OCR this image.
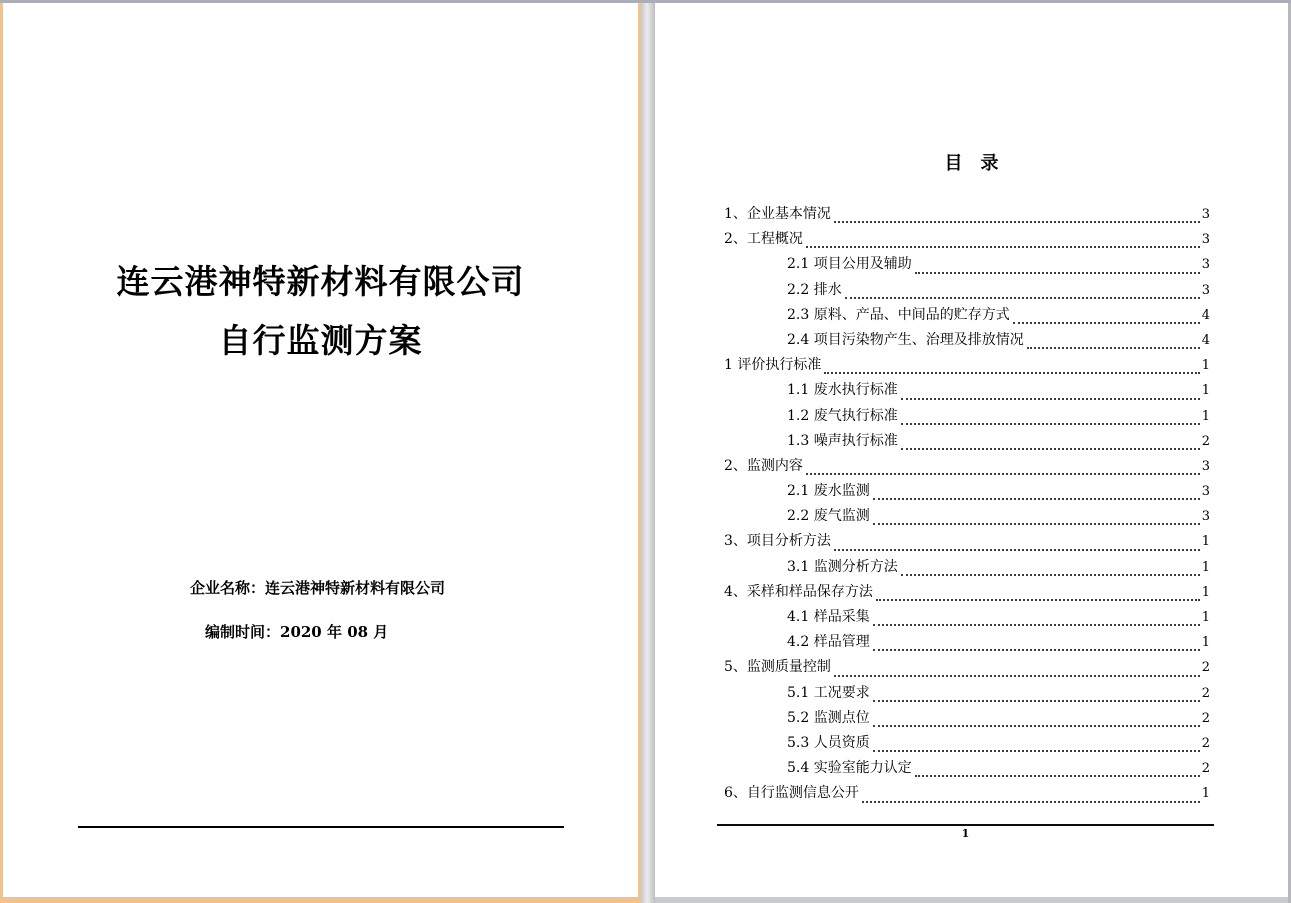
连云港神特新材料有限公司
自行监测方案
企业名称：连云港神特新材料有限公司
编制时间：2020 年 08 月
目　录
1、企业基本情况	3
2、工程概况	3
2.1 项目公用及辅助	3
2.2 排水	3
2.3 原料、产品、中间品的贮存方式	4
2.4 项目污染物产生、治理及排放情况	4
1 评价执行标准	1
1.1 废水执行标准	1
1.2 废气执行标准	1
1.3 噪声执行标准	2
2、监测内容	3
2.1 废水监测	3
2.2 废气监测	3
3、项目分析方法	1
3.1 监测分析方法	1
4、采样和样品保存方法	1
4.1 样品采集	1
4.2 样品管理	1
5、监测质量控制	2
5.1 工况要求	2
5.2 监测点位	2
5.3 人员资质	2
5.4 实验室能力认定	2
6、自行监测信息公开	1
1
